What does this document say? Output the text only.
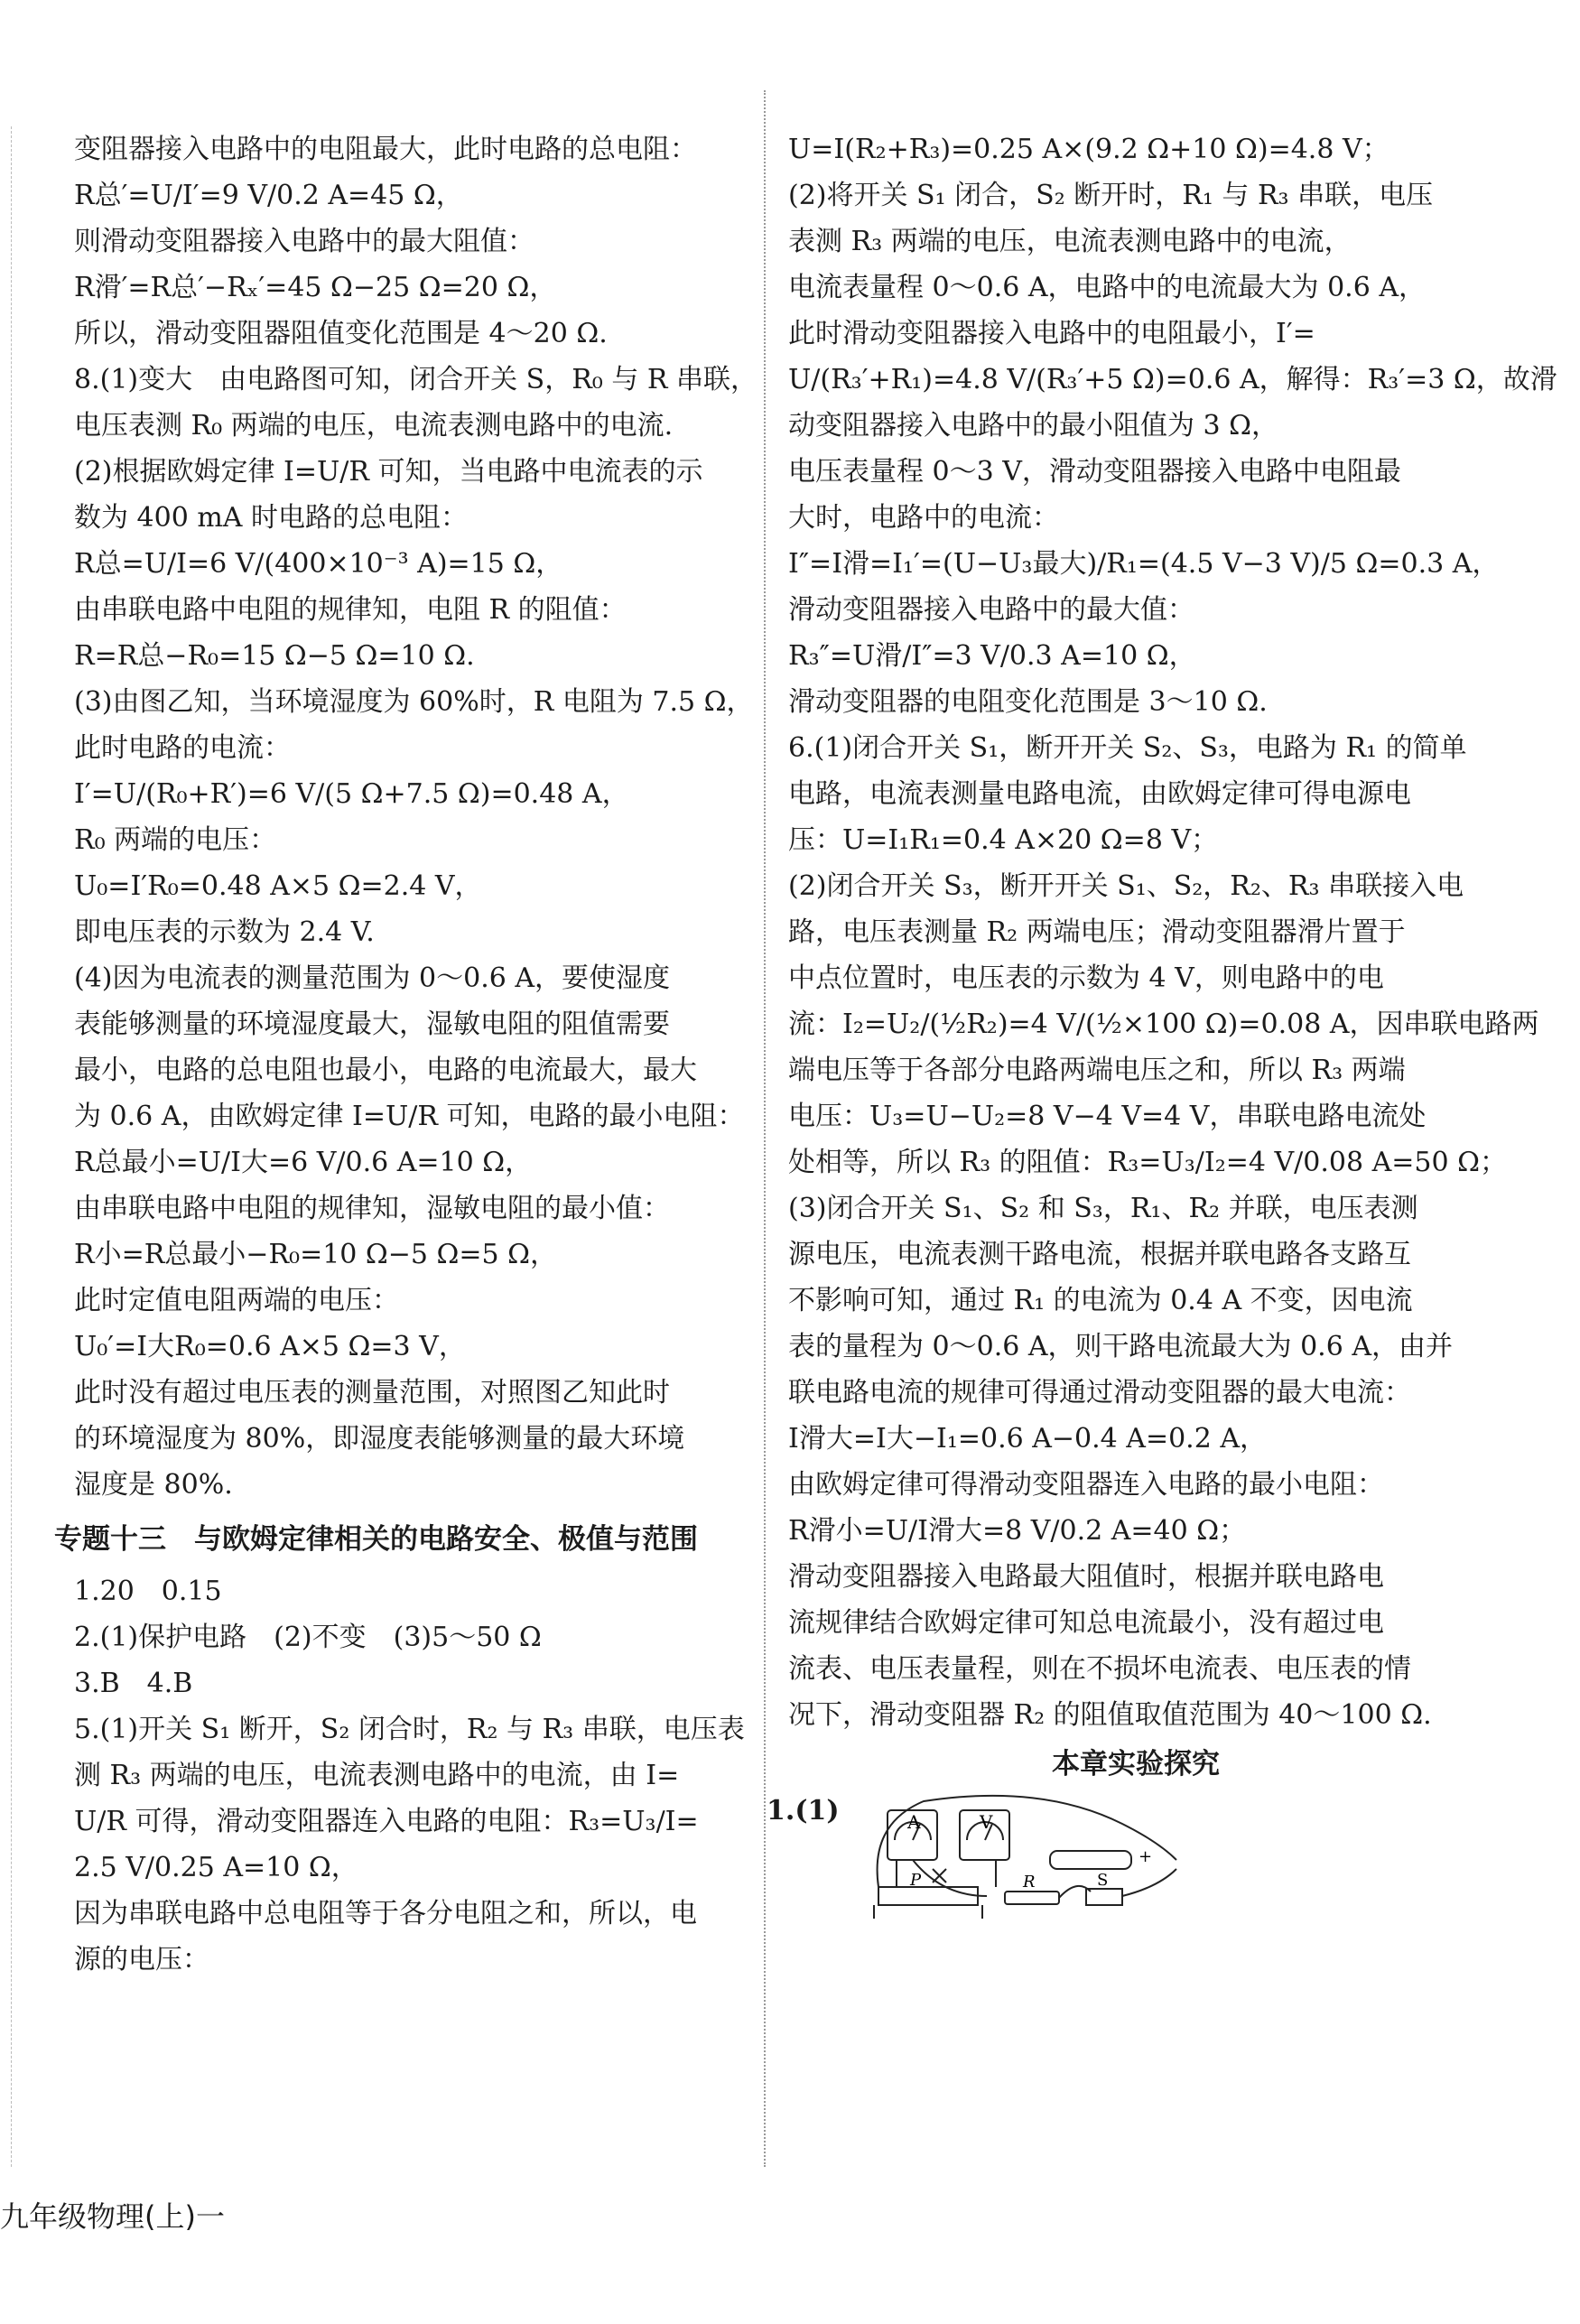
变阻器接入电路中的电阻最大，此时电路的总电阻：
R总′=U/I′=9 V/0.2 A=45 Ω，
则滑动变阻器接入电路中的最大阻值：
R滑′=R总′−Rₓ′=45 Ω−25 Ω=20 Ω，
所以，滑动变阻器阻值变化范围是 4～20 Ω.
8.(1)变大　由电路图可知，闭合开关 S，R₀ 与 R 串联，
电压表测 R₀ 两端的电压，电流表测电路中的电流.
(2)根据欧姆定律 I=U/R 可知，当电路中电流表的示
数为 400 mA 时电路的总电阻：
R总=U/I=6 V/(400×10⁻³ A)=15 Ω，
由串联电路中电阻的规律知，电阻 R 的阻值：
R=R总−R₀=15 Ω−5 Ω=10 Ω.
(3)由图乙知，当环境湿度为 60%时，R 电阻为 7.5 Ω，
此时电路的电流：
I′=U/(R₀+R′)=6 V/(5 Ω+7.5 Ω)=0.48 A，
R₀ 两端的电压：
U₀=I′R₀=0.48 A×5 Ω=2.4 V，
即电压表的示数为 2.4 V.
(4)因为电流表的测量范围为 0～0.6 A，要使湿度
表能够测量的环境湿度最大，湿敏电阻的阻值需要
最小，电路的总电阻也最小，电路的电流最大，最大
为 0.6 A，由欧姆定律 I=U/R 可知，电路的最小电阻：
R总最小=U/I大=6 V/0.6 A=10 Ω，
由串联电路中电阻的规律知，湿敏电阻的最小值：
R小=R总最小−R₀=10 Ω−5 Ω=5 Ω，
此时定值电阻两端的电压：
U₀′=I大R₀=0.6 A×5 Ω=3 V，
此时没有超过电压表的测量范围，对照图乙知此时
的环境湿度为 80%，即湿度表能够测量的最大环境
湿度是 80%.
专题十三　与欧姆定律相关的电路安全、极值与范围
1.20　0.15
2.(1)保护电路　(2)不变　(3)5～50 Ω
3.B　4.B
5.(1)开关 S₁ 断开，S₂ 闭合时，R₂ 与 R₃ 串联，电压表
测 R₃ 两端的电压，电流表测电路中的电流，由 I=
U/R 可得，滑动变阻器连入电路的电阻：R₃=U₃/I=
2.5 V/0.25 A=10 Ω，
因为串联电路中总电阻等于各分电阻之和，所以，电
源的电压：
U=I(R₂+R₃)=0.25 A×(9.2 Ω+10 Ω)=4.8 V；
(2)将开关 S₁ 闭合，S₂ 断开时，R₁ 与 R₃ 串联，电压
表测 R₃ 两端的电压，电流表测电路中的电流，
电流表量程 0～0.6 A，电路中的电流最大为 0.6 A，
此时滑动变阻器接入电路中的电阻最小，I′=
U/(R₃′+R₁)=4.8 V/(R₃′+5 Ω)=0.6 A，解得：R₃′=3 Ω，故滑
动变阻器接入电路中的最小阻值为 3 Ω，
电压表量程 0～3 V，滑动变阻器接入电路中电阻最
大时，电路中的电流：
I″=I滑=I₁′=(U−U₃最大)/R₁=(4.5 V−3 V)/5 Ω=0.3 A，
滑动变阻器接入电路中的最大值：
R₃″=U滑/I″=3 V/0.3 A=10 Ω，
滑动变阻器的电阻变化范围是 3～10 Ω.
6.(1)闭合开关 S₁，断开开关 S₂、S₃，电路为 R₁ 的简单
电路，电流表测量电路电流，由欧姆定律可得电源电
压：U=I₁R₁=0.4 A×20 Ω=8 V；
(2)闭合开关 S₃，断开开关 S₁、S₂，R₂、R₃ 串联接入电
路，电压表测量 R₂ 两端电压；滑动变阻器滑片置于
中点位置时，电压表的示数为 4 V，则电路中的电
流：I₂=U₂/(½R₂)=4 V/(½×100 Ω)=0.08 A，因串联电路两
端电压等于各部分电路两端电压之和，所以 R₃ 两端
电压：U₃=U−U₂=8 V−4 V=4 V，串联电路电流处
处相等，所以 R₃ 的阻值：R₃=U₃/I₂=4 V/0.08 A=50 Ω；
(3)闭合开关 S₁、S₂ 和 S₃，R₁、R₂ 并联，电压表测
源电压，电流表测干路电流，根据并联电路各支路互
不影响可知，通过 R₁ 的电流为 0.4 A 不变，因电流
表的量程为 0～0.6 A，则干路电流最大为 0.6 A，由并
联电路电流的规律可得通过滑动变阻器的最大电流：
I滑大=I大−I₁=0.6 A−0.4 A=0.2 A，
由欧姆定律可得滑动变阻器连入电路的最小电阻：
R滑小=U/I滑大=8 V/0.2 A=40 Ω；
滑动变阻器接入电路最大阻值时，根据并联电路电
流规律结合欧姆定律可知总电流最小，没有超过电
流表、电压表量程，则在不损坏电流表、电压表的情
况下，滑动变阻器 R₂ 的阻值取值范围为 40～100 Ω.
本章实验探究
1.(1)	A	V
P	R	S
+
九年级物理(上)一
